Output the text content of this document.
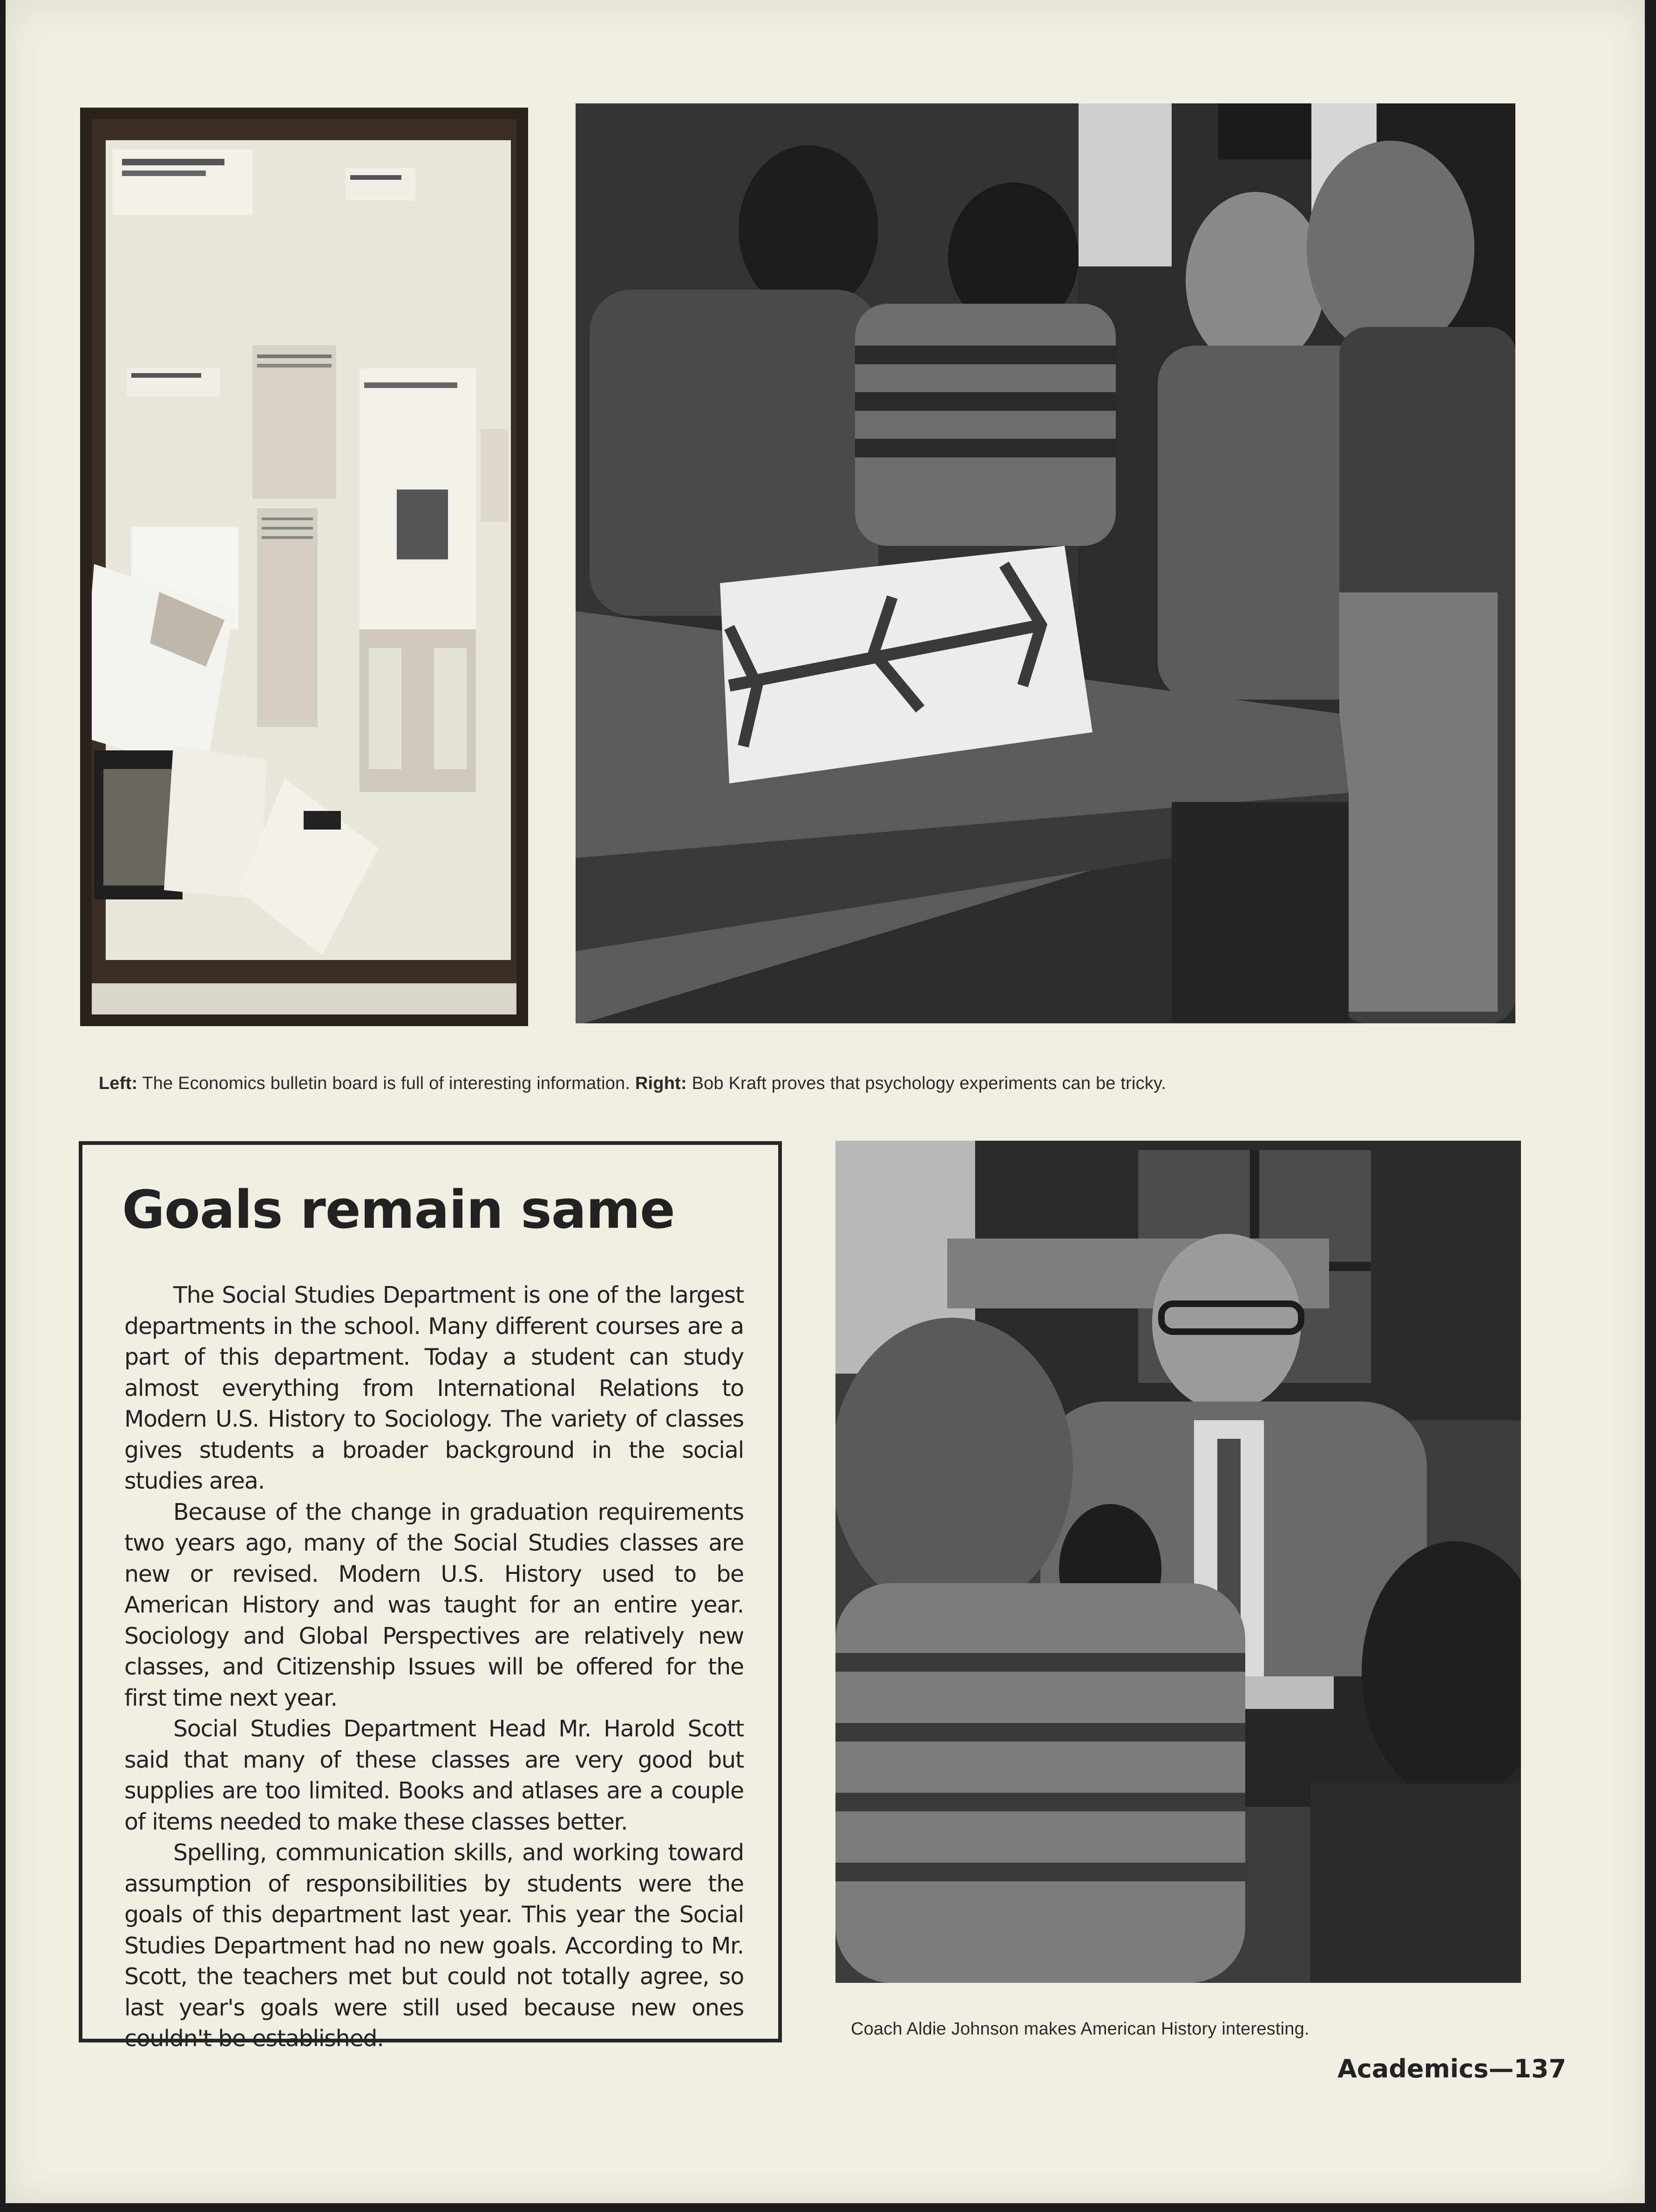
Left: The Economics bulletin board is full of interesting information. Right: Bob Kraft proves that psychology experiments can be tricky.
Goals remain same

The Social Studies Department is one of the largest departments in the school. Many different courses are a part of this department. Today a student can study almost everything from International Relations to Modern U.S. History to Sociology. The variety of classes gives students a broader background in the social studies area.

Because of the change in graduation requirements two years ago, many of the Social Studies classes are new or revised. Modern U.S. History used to be American History and was taught for an entire year. Sociology and Global Perspectives are relatively new classes, and Citizenship Issues will be offered for the first time next year.

Social Studies Department Head Mr. Harold Scott said that many of these classes are very good but supplies are too limited. Books and atlases are a couple of items needed to make these classes better.

Spelling, communication skills, and working toward assumption of responsibilities by students were the goals of this department last year. This year the Social Studies Department had no new goals. According to Mr. Scott, the teachers met but could not totally agree, so last year's goals were still used because new ones couldn't be established.	Coach Aldie Johnson makes American History interesting.
Academics—137
